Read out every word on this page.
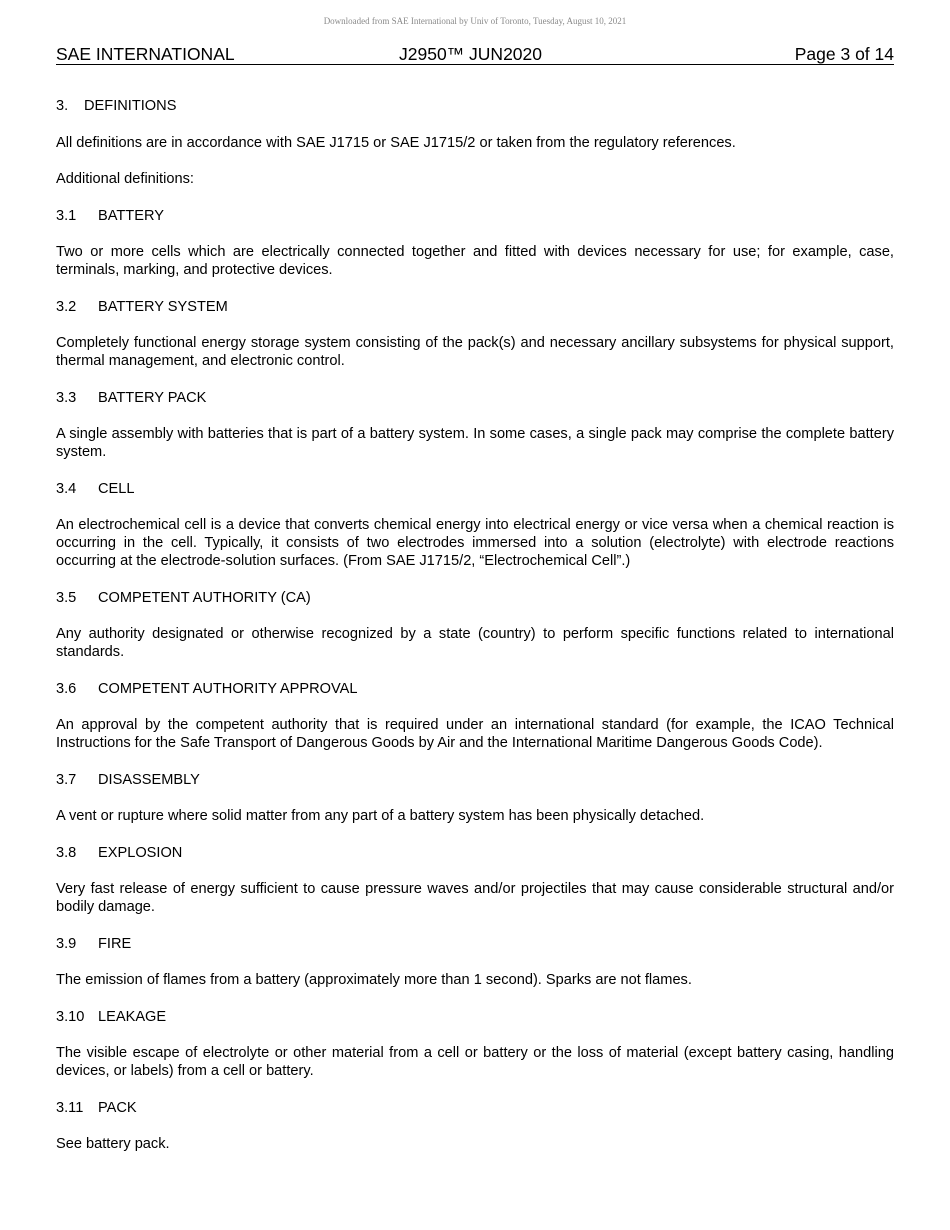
Downloaded from SAE International by Univ of Toronto, Tuesday, August 10, 2021
SAE INTERNATIONAL	J2950™ JUN2020	Page 3 of 14
3. DEFINITIONS

All definitions are in accordance with SAE J1715 or SAE J1715/2 or taken from the regulatory references.

Additional definitions:

3.1 BATTERY

Two or more cells which are electrically connected together and fitted with devices necessary for use; for example, case, terminals, marking, and protective devices.

3.2 BATTERY SYSTEM

Completely functional energy storage system consisting of the pack(s) and necessary ancillary subsystems for physical support, thermal management, and electronic control.

3.3 BATTERY PACK

A single assembly with batteries that is part of a battery system. In some cases, a single pack may comprise the complete battery system.

3.4 CELL

An electrochemical cell is a device that converts chemical energy into electrical energy or vice versa when a chemical reaction is occurring in the cell. Typically, it consists of two electrodes immersed into a solution (electrolyte) with electrode reactions occurring at the electrode-solution surfaces. (From SAE J1715/2, “Electrochemical Cell”.)

3.5 COMPETENT AUTHORITY (CA)

Any authority designated or otherwise recognized by a state (country) to perform specific functions related to international standards.

3.6 COMPETENT AUTHORITY APPROVAL

An approval by the competent authority that is required under an international standard (for example, the ICAO Technical Instructions for the Safe Transport of Dangerous Goods by Air and the International Maritime Dangerous Goods Code).

3.7 DISASSEMBLY

A vent or rupture where solid matter from any part of a battery system has been physically detached.

3.8 EXPLOSION

Very fast release of energy sufficient to cause pressure waves and/or projectiles that may cause considerable structural and/or bodily damage.

3.9 FIRE

The emission of flames from a battery (approximately more than 1 second). Sparks are not flames.

3.10 LEAKAGE

The visible escape of electrolyte or other material from a cell or battery or the loss of material (except battery casing, handling devices, or labels) from a cell or battery.

3.11 PACK

See battery pack.
